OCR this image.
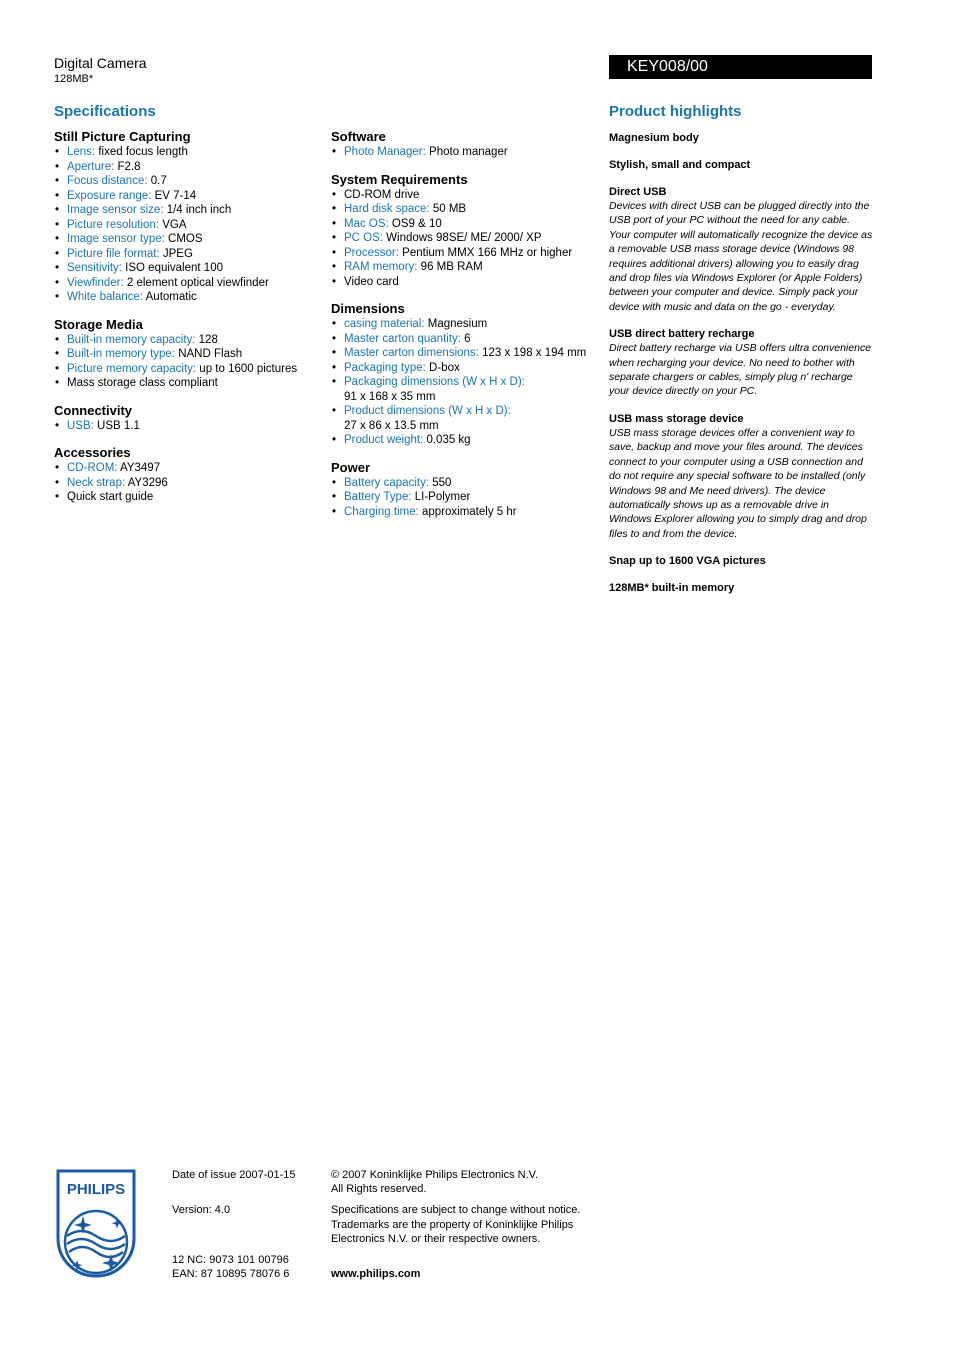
Digital Camera
128MB*
KEY008/00
Specifications	Product highlights
Still Picture Capturing
• Lens: fixed focus length
• Aperture: F2.8
• Focus distance: 0.7
• Exposure range: EV 7-14
• Image sensor size: 1/4 inch inch
• Picture resolution: VGA
• Image sensor type: CMOS
• Picture file format: JPEG
• Sensitivity: ISO equivalent 100
• Viewfinder: 2 element optical viewfinder
• White balance: Automatic
Storage Media
• Built-in memory capacity: 128
• Built-in memory type: NAND Flash
• Picture memory capacity: up to 1600 pictures
• Mass storage class compliant
Connectivity
• USB: USB 1.1
Accessories
• CD-ROM: AY3497
• Neck strap: AY3296
• Quick start guide
Software
• Photo Manager: Photo manager
System Requirements
• CD-ROM drive
• Hard disk space: 50 MB
• Mac OS: OS9 & 10
• PC OS: Windows 98SE/ ME/ 2000/ XP
• Processor: Pentium MMX 166 MHz or higher
• RAM memory: 96 MB RAM
• Video card
Dimensions
• casing material: Magnesium
• Master carton quantity: 6
• Master carton dimensions: 123 x 198 x 194 mm
• Packaging type: D-box
• Packaging dimensions (W x H x D):
91 x 168 x 35 mm
• Product dimensions (W x H x D):
27 x 86 x 13.5 mm
• Product weight: 0.035 kg
Power
• Battery capacity: 550
• Battery Type: LI-Polymer
• Charging time: approximately 5 hr
Magnesium body
Stylish, small and compact
Direct USB
Devices with direct USB can be plugged directly into the USB port of your PC without the need for any cable. Your computer will automatically recognize the device as a removable USB mass storage device (Windows 98 requires additional drivers) allowing you to easily drag and drop files via Windows Explorer (or Apple Folders) between your computer and device. Simply pack your device with music and data on the go - everyday.
USB direct battery recharge
Direct battery recharge via USB offers ultra convenience when recharging your device. No need to bother with separate chargers or cables, simply plug n' recharge your device directly on your PC.
USB mass storage device
USB mass storage devices offer a convenient way to save, backup and move your files around. The devices connect to your computer using a USB connection and do not require any special software to be installed (only Windows 98 and Me need drivers). The device automatically shows up as a removable drive in Windows Explorer allowing you to simply drag and drop files to and from the device.
Snap up to 1600 VGA pictures
128MB* built-in memory
PHILIPS
Date of issue 2007-01-15
Version: 4.0
12 NC: 9073 101 00796
EAN: 87 10895 78076 6
© 2007 Koninklijke Philips Electronics N.V.
All Rights reserved.
Specifications are subject to change without notice.
Trademarks are the property of Koninklijke Philips
Electronics N.V. or their respective owners.
www.philips.com
